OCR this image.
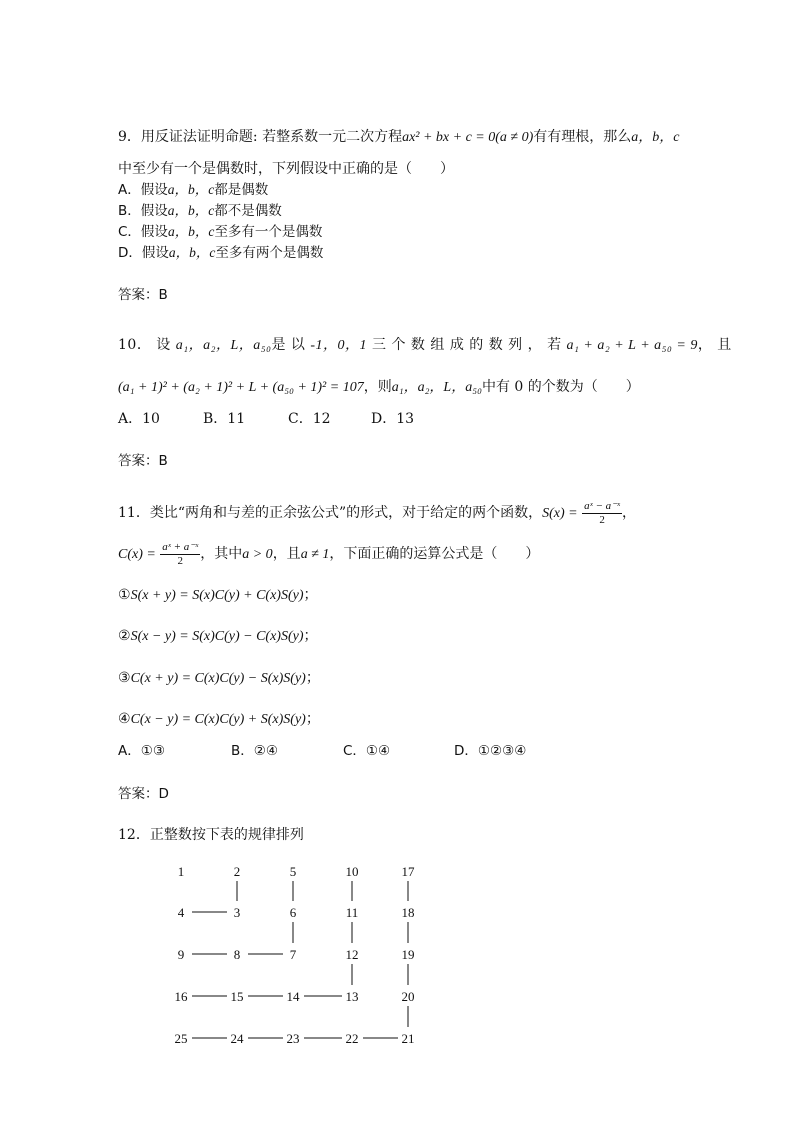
9．用反证法证明命题: 若整系数一元二次方程ax² + bx + c = 0(a ≠ 0)有有理根，那么a，b，c
中至少有一个是偶数时，下列假设中正确的是（　　）
A．假设a，b，c都是偶数
B．假设a，b，c都不是偶数
C．假设a，b，c至多有一个是偶数
D．假设a，b，c至多有两个是偶数
答案：B
10． 设 a₁，a₂，L，a₅₀是 以 -1，0，1 三 个 数 组 成 的 数 列 ， 若 a₁ + a₂ + L + a₅₀ = 9， 且
(a₁ + 1)² + (a₂ + 1)² + L + (a₅₀ + 1)² = 107，则a₁，a₂，L，a₅₀中有 0 的个数为（　　）
A．10	B．11	C．12	D．13
答案：B
11．类比“两角和与差的正余弦公式”的形式，对于给定的两个函数，$S(x) = \frac{\text{aˣ − a⁻ˣ}}{2}$ ，
$C(x) = \frac{\text{aˣ + a⁻ˣ}}{2}$ ，其中a > 0，且a ≠ 1，下面正确的运算公式是（　　）
①S(x + y) = S(x)C(y) + C(x)S(y)；
②S(x − y) = S(x)C(y) − C(x)S(y)；
③C(x + y) = C(x)C(y) − S(x)S(y)；
④C(x − y) = C(x)C(y) + S(x)S(y)；
A．①③	B．②④	C．①④	D．①②③④
答案：D
12．正整数按下表的规律排列
1	2	5	10	17
4	3	6	11	18
9	8	7	12	19
16	15	14	13	20
25	24	23	22	21
